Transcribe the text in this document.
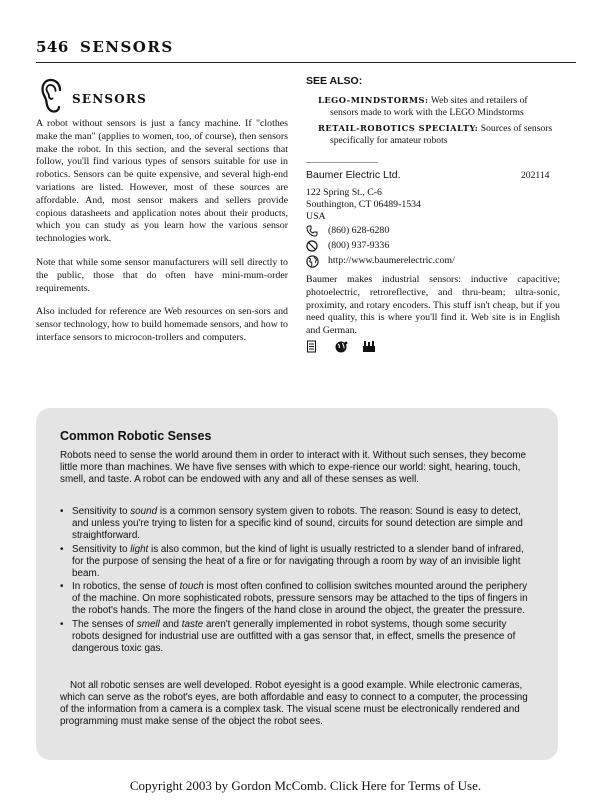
546 SENSORS
SENSORS

A robot without sensors is just a fancy machine. If "clothes make the man" (applies to women, too, of course), then sensors make the robot. In this section, and the several sections that follow, you'll find various types of sensors suitable for use in robotics. Sensors can be quite expensive, and several high-end variations are listed. However, most of these sources are affordable. And, most sensor makers and sellers provide copious datasheets and application notes about their products, which you can study as you learn how the various sensor technologies work.

Note that while some sensor manufacturers will sell directly to the public, those that do often have mini-mum-order requirements.

Also included for reference are Web resources on sen-sors and sensor technology, how to build homemade sensors, and how to interface sensors to microcon-trollers and computers.

SEE ALSO:
LEGO-MINDSTORMS: Web sites and retailers of
sensors made to work with the LEGO Mindstorms
RETAIL-ROBOTICS SPECIALTY: Sources of sensors
specifically for amateur robots
Baumer Electric Ltd.	202114
122 Spring St., C-6
Southington, CT 06489-1534
USA
(860) 628-6280
(800) 937-9336
http://www.baumerelectric.com/

Baumer makes industrial sensors: inductive capacitive; photoelectric, retroreflective, and thru-beam; ultra-sonic, proximity, and rotary encoders. This stuff isn't cheap, but if you need quality, this is where you'll find it. Web site is in English and German.

Common Robotic Senses

Robots need to sense the world around them in order to interact with it. Without such senses, they become little more than machines. We have five senses with which to expe-rience our world: sight, hearing, touch, smell, and taste. A robot can be endowed with any and all of these senses as well.

• Sensitivity to sound is a common sensory system given to robots. The reason: Sound is easy to detect, and unless you're trying to listen for a specific kind of sound, circuits for sound detection are simple and straightforward.
• Sensitivity to light is also common, but the kind of light is usually restricted to a slender band of infrared, for the purpose of sensing the heat of a fire or for navigating through a room by way of an invisible light beam.
• In robotics, the sense of touch is most often confined to collision switches mounted around the periphery of the machine. On more sophisticated robots, pressure sensors may be attached to the tips of fingers in the robot's hands. The more the fingers of the hand close in around the object, the greater the pressure.
• The senses of smell and taste aren't generally implemented in robot systems, though some security robots designed for industrial use are outfitted with a gas sensor that, in effect, smells the presence of dangerous toxic gas.

Not all robotic senses are well developed. Robot eyesight is a good example. While electronic cameras, which can serve as the robot's eyes, are both affordable and easy to connect to a computer, the processing of the information from a camera is a complex task. The visual scene must be electronically rendered and programming must make sense of the object the robot sees.

Copyright 2003 by Gordon McComb. Click Here for Terms of Use.
